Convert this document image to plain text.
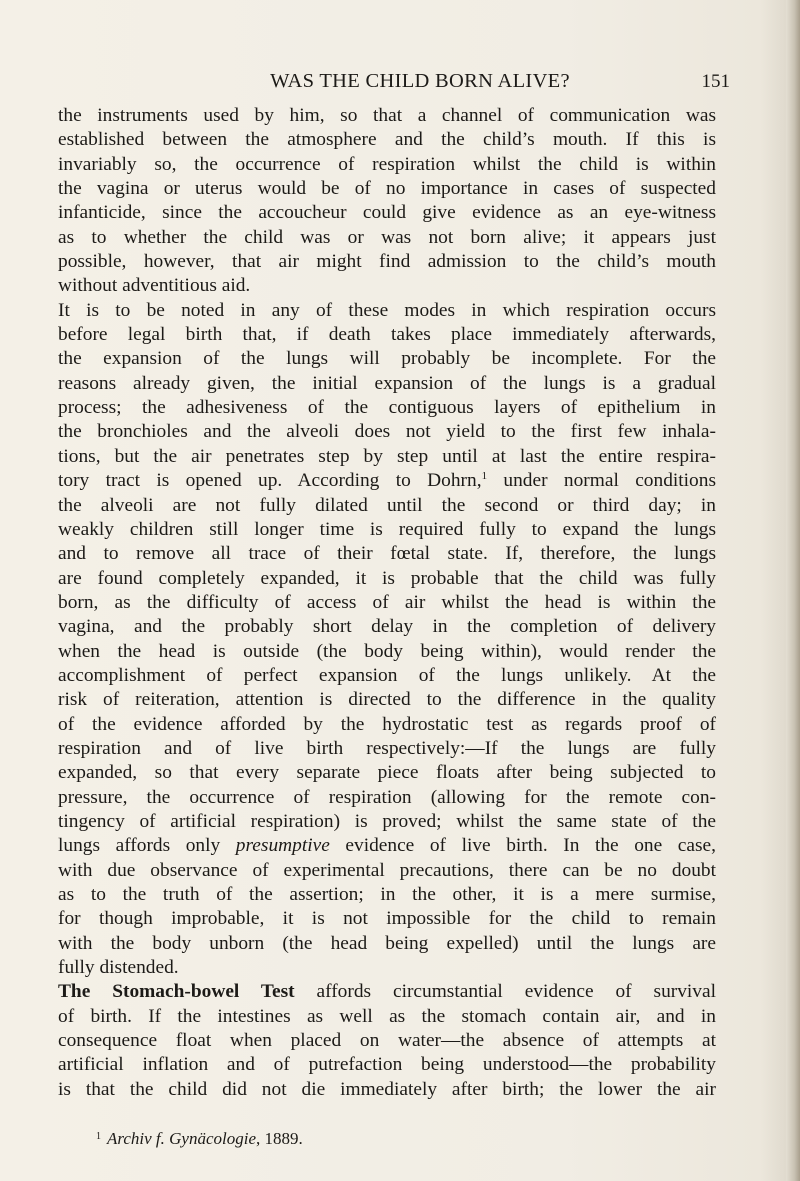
WAS THE CHILD BORN ALIVE?	151
the instruments used by him, so that a channel of communication was
established between the atmosphere and the child’s mouth. If this is
invariably so, the occurrence of respiration whilst the child is within
the vagina or uterus would be of no importance in cases of suspected
infanticide, since the accoucheur could give evidence as an eye-witness
as to whether the child was or was not born alive; it appears just
possible, however, that air might find admission to the child’s mouth
without adventitious aid.
It is to be noted in any of these modes in which respiration occurs
before legal birth that, if death takes place immediately afterwards,
the expansion of the lungs will probably be incomplete. For the
reasons already given, the initial expansion of the lungs is a gradual
process; the adhesiveness of the contiguous layers of epithelium in
the bronchioles and the alveoli does not yield to the first few inhala-
tions, but the air penetrates step by step until at last the entire respira-
tory tract is opened up. According to Dohrn,$^1$ under normal conditions
the alveoli are not fully dilated until the second or third day; in
weakly children still longer time is required fully to expand the lungs
and to remove all trace of their fœtal state. If, therefore, the lungs
are found completely expanded, it is probable that the child was fully
born, as the difficulty of access of air whilst the head is within the
vagina, and the probably short delay in the completion of delivery
when the head is outside (the body being within), would render the
accomplishment of perfect expansion of the lungs unlikely. At the
risk of reiteration, attention is directed to the difference in the quality
of the evidence afforded by the hydrostatic test as regards proof of
respiration and of live birth respectively:—If the lungs are fully
expanded, so that every separate piece floats after being subjected to
pressure, the occurrence of respiration (allowing for the remote con-
tingency of artificial respiration) is proved; whilst the same state of the
lungs affords only presumptive evidence of live birth. In the one case,
with due observance of experimental precautions, there can be no doubt
as to the truth of the assertion; in the other, it is a mere surmise,
for though improbable, it is not impossible for the child to remain
with the body unborn (the head being expelled) until the lungs are
fully distended.
The Stomach-bowel Test affords circumstantial evidence of survival
of birth. If the intestines as well as the stomach contain air, and in
consequence float when placed on water—the absence of attempts at
artificial inflation and of putrefaction being understood—the probability
is that the child did not die immediately after birth; the lower the air
$^1$ Archiv f. Gynäcologie, 1889.
